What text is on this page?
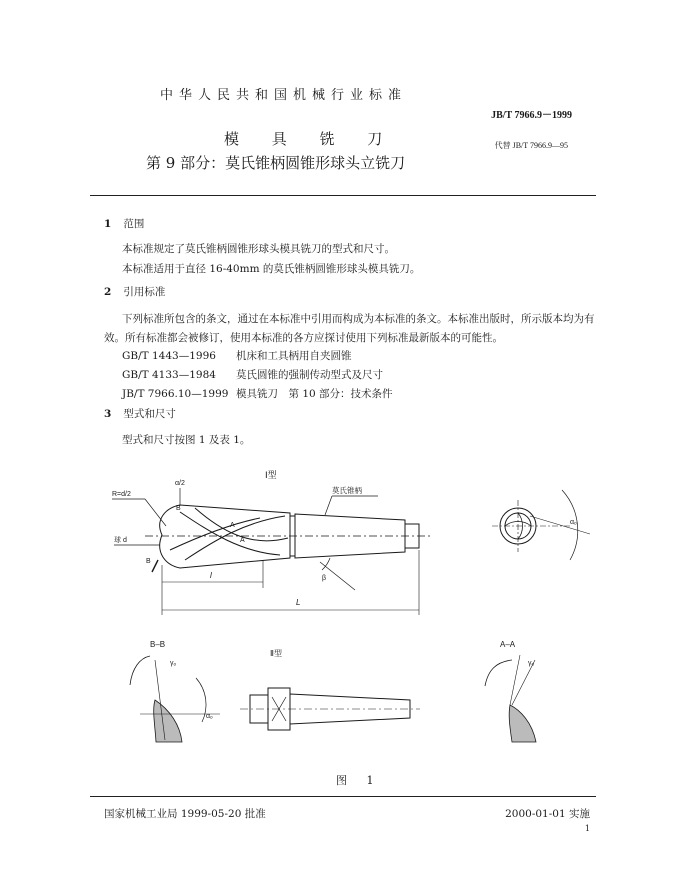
中华人民共和国机械行业标准
JB/T 7966.9－1999
模 具 铣 刀
第 9 部分：莫氏锥柄圆锥形球头立铣刀
代替 JB/T 7966.9—95
1 范围
本标准规定了莫氏锥柄圆锥形球头模具铣刀的型式和尺寸。
本标准适用于直径 16-40mm 的莫氏锥柄圆锥形球头模具铣刀。
2 引用标准
下列标准所包含的条文，通过在本标准中引用而构成为本标准的条文。本标准出版时，所示版本均为有效。所有标准都会被修订，使用本标准的各方应探讨使用下列标准最新版本的可能性。
GB/T 1443—1996 机床和工具柄用自夹圆锥
GB/T 4133—1984 莫氏圆锥的强制传动型式及尺寸
JB/T 7966.10—1999 模具铣刀　第 10 部分：技术条件
3 型式和尺寸
型式和尺寸按图 1 及表 1。
Ⅰ型
莫氏锥柄
R=d/2
α/2
B
B
球 d
A
A
β
l
L
αₒ
B–B
γₒ
αₒ
Ⅱ型
A–A
γₒ
图 1
国家机械工业局 1999-05-20 批准	2000-01-01 实施
1
